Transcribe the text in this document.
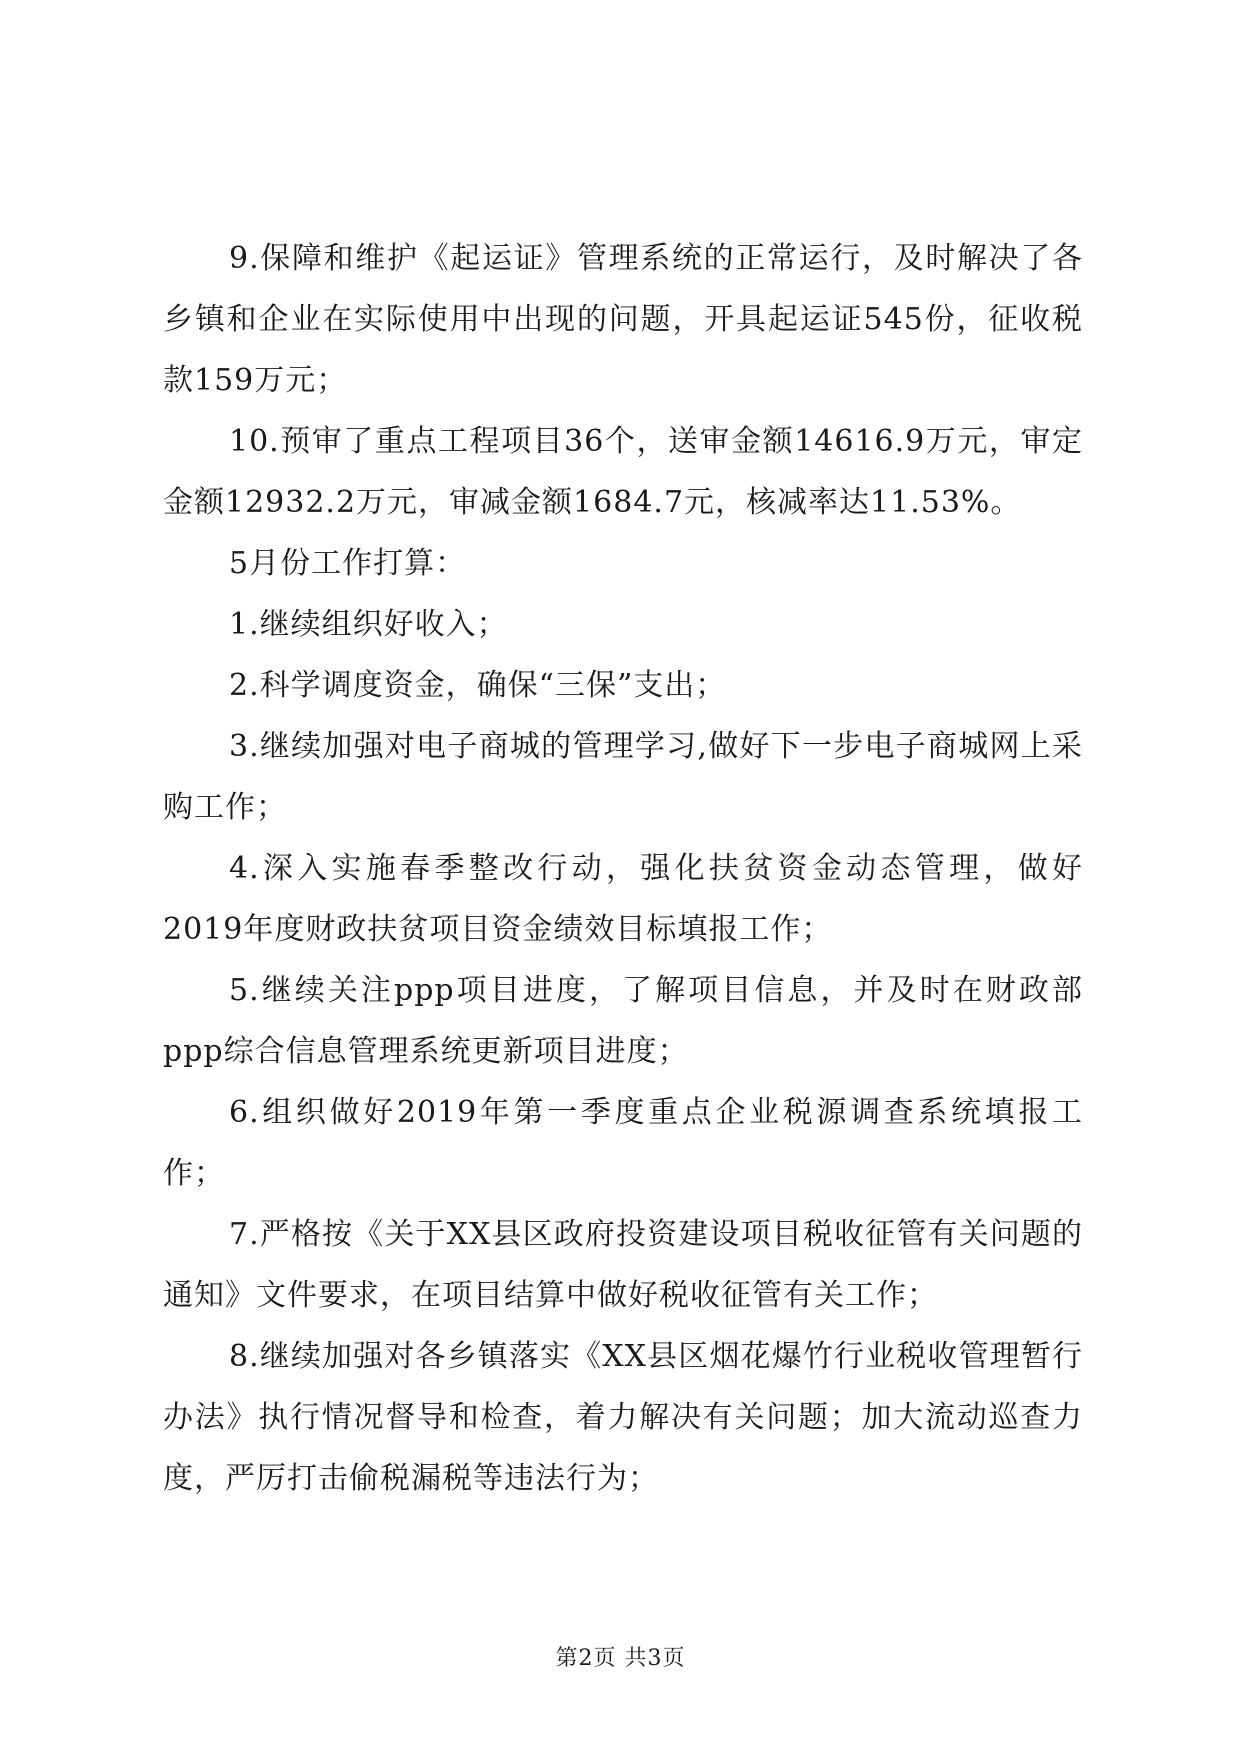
9.保障和维护《起运证》管理系统的正常运行，及时解决了各乡镇和企业在实际使用中出现的问题，开具起运证545份，征收税款159万元；

10.预审了重点工程项目36个，送审金额14616.9万元，审定金额12932.2万元，审减金额1684.7元，核减率达11.53%。

5月份工作打算：

1.继续组织好收入；

2.科学调度资金，确保“三保”支出；

3.继续加强对电子商城的管理学习,做好下一步电子商城网上采购工作；

4.深入实施春季整改行动，强化扶贫资金动态管理，做好2019年度财政扶贫项目资金绩效目标填报工作；

5.继续关注ppp项目进度，了解项目信息，并及时在财政部ppp综合信息管理系统更新项目进度；

6.组织做好2019年第一季度重点企业税源调查系统填报工作；

7.严格按《关于XX县区政府投资建设项目税收征管有关问题的通知》文件要求，在项目结算中做好税收征管有关工作；

8.继续加强对各乡镇落实《XX县区烟花爆竹行业税收管理暂行办法》执行情况督导和检查，着力解决有关问题；加大流动巡查力度，严厉打击偷税漏税等违法行为；

第2页 共3页
